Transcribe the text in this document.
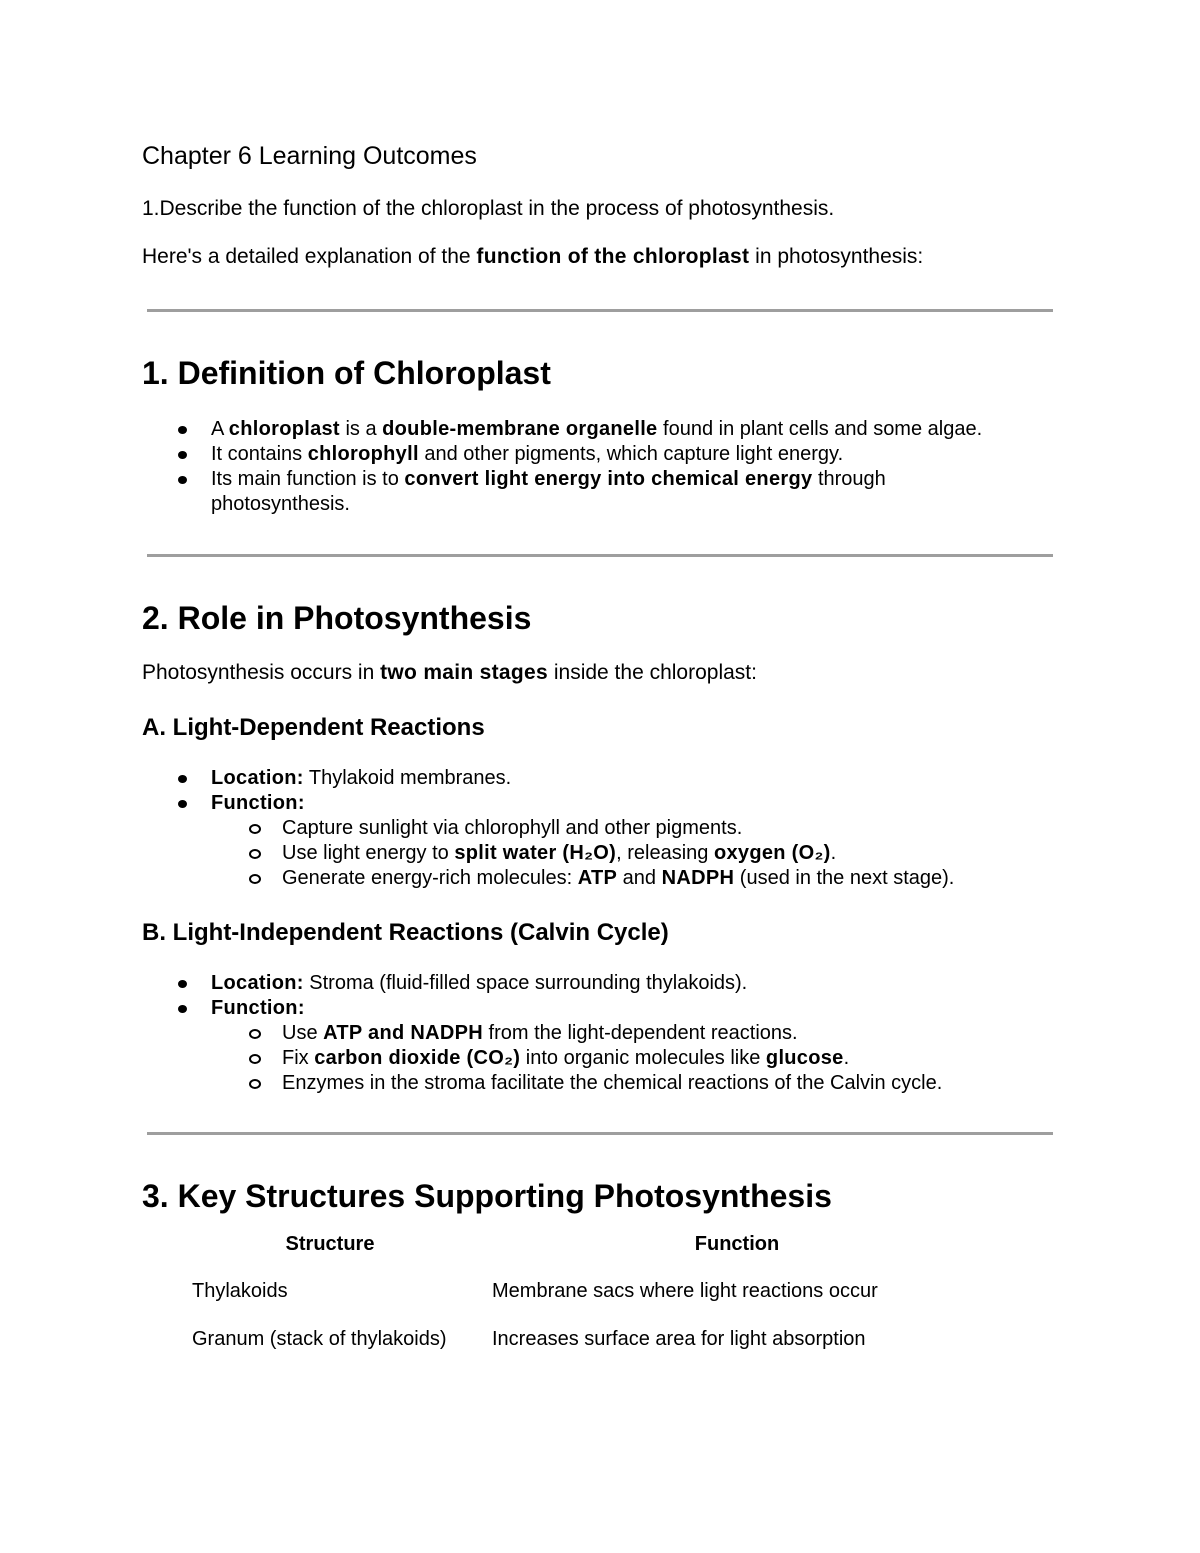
Chapter 6 Learning Outcomes
1.Describe the function of the chloroplast in the process of photosynthesis.
Here's a detailed explanation of the function of the chloroplast in photosynthesis:
1. Definition of Chloroplast
A chloroplast is a double-membrane organelle found in plant cells and some algae.
It contains chlorophyll and other pigments, which capture light energy.
Its main function is to convert light energy into chemical energy through
photosynthesis.
2. Role in Photosynthesis
Photosynthesis occurs in two main stages inside the chloroplast:
A. Light-Dependent Reactions
Location: Thylakoid membranes.
Function:
Capture sunlight via chlorophyll and other pigments.
Use light energy to split water (H₂O), releasing oxygen (O₂).
Generate energy-rich molecules: ATP and NADPH (used in the next stage).
B. Light-Independent Reactions (Calvin Cycle)
Location: Stroma (fluid-filled space surrounding thylakoids).
Function:
Use ATP and NADPH from the light-dependent reactions.
Fix carbon dioxide (CO₂) into organic molecules like glucose.
Enzymes in the stroma facilitate the chemical reactions of the Calvin cycle.
3. Key Structures Supporting Photosynthesis
Structure	Function
Thylakoids	Membrane sacs where light reactions occur
Granum (stack of thylakoids)	Increases surface area for light absorption
